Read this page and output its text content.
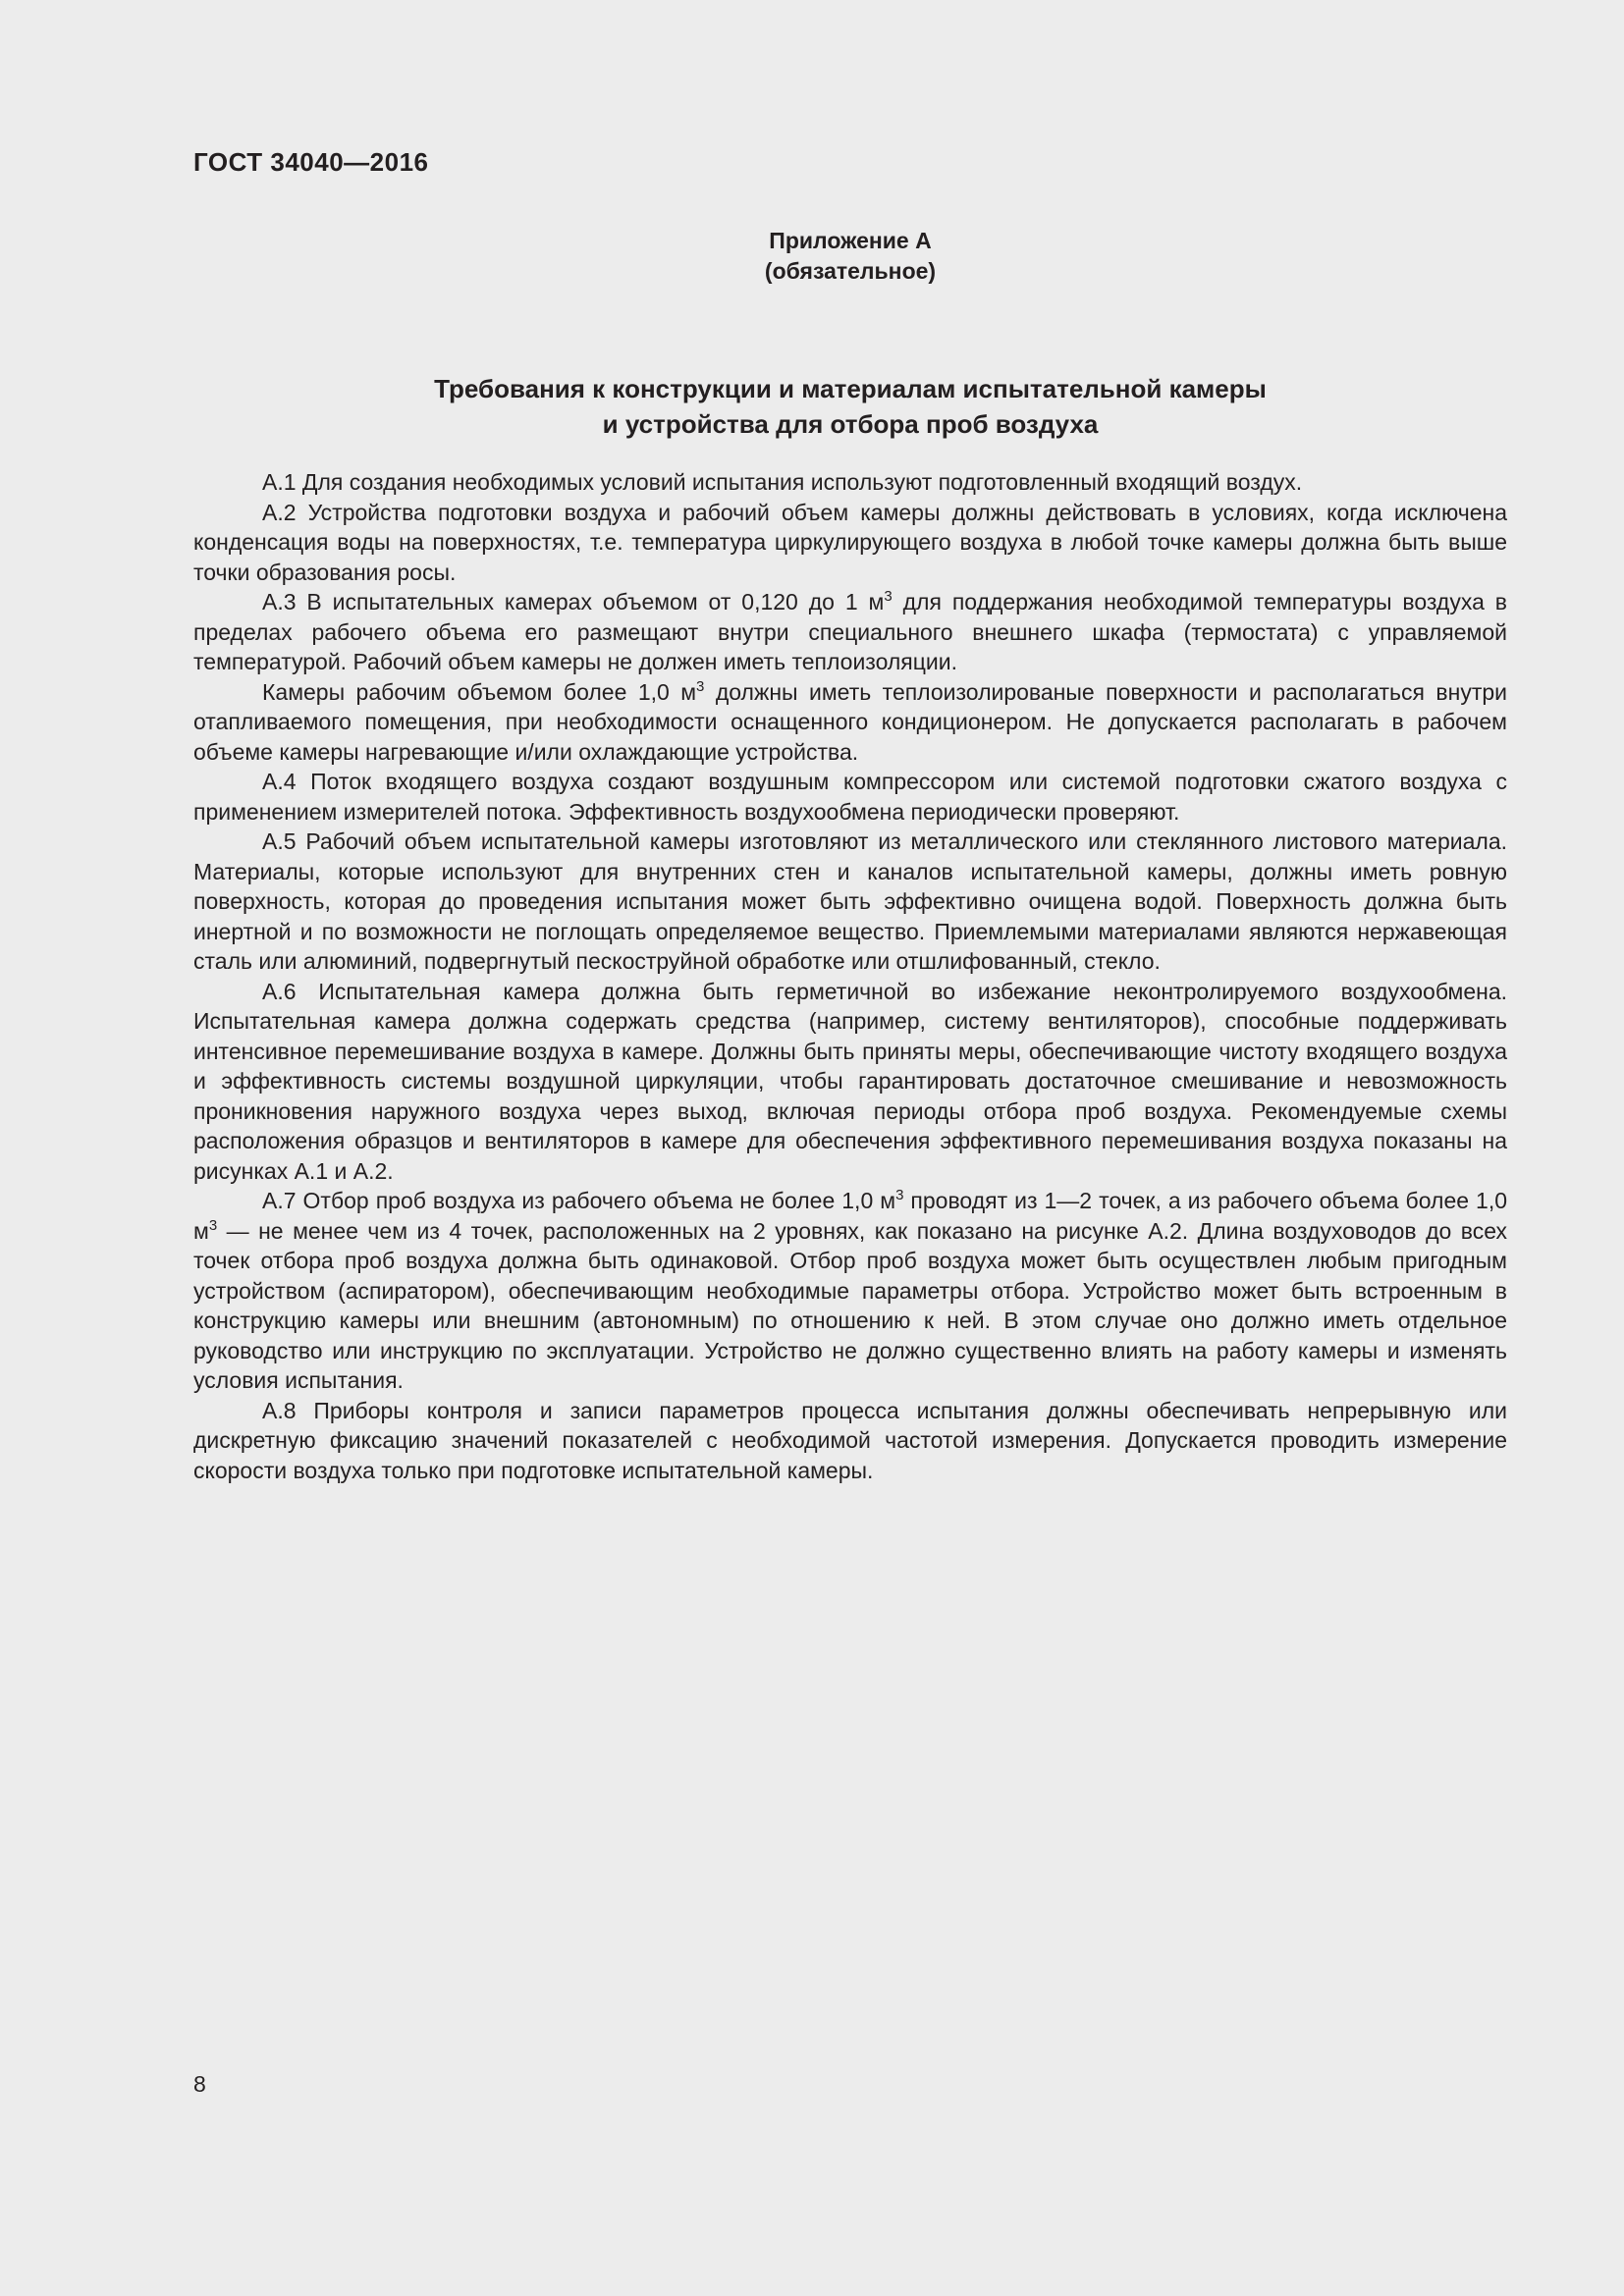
ГОСТ 34040—2016

Приложение А
(обязательное)
Требования к конструкции и материалам испытательной камеры
и устройства для отбора проб воздуха

А.1 Для создания необходимых условий испытания используют подготовленный входящий воздух.

А.2 Устройства подготовки воздуха и рабочий объем камеры должны действовать в условиях, когда исключена конденсация воды на поверхностях, т.е. температура циркулирующего воздуха в любой точке камеры должна быть выше точки образования росы.

А.3 В испытательных камерах объемом от 0,120 до 1 $м^3$ для поддержания необходимой температуры воздуха в пределах рабочего объема его размещают внутри специального внешнего шкафа (термостата) с управляемой температурой. Рабочий объем камеры не должен иметь теплоизоляции.

Камеры рабочим объемом более 1,0 $м^3$ должны иметь теплоизолированые поверхности и располагаться внутри отапливаемого помещения, при необходимости оснащенного кондиционером. Не допускается располагать в рабочем объеме камеры нагревающие и/или охлаждающие устройства.

А.4 Поток входящего воздуха создают воздушным компрессором или системой подготовки сжатого воздуха с применением измерителей потока. Эффективность воздухообмена периодически проверяют.

А.5 Рабочий объем испытательной камеры изготовляют из металлического или стеклянного листового материала. Материалы, которые используют для внутренних стен и каналов испытательной камеры, должны иметь ровную поверхность, которая до проведения испытания может быть эффективно очищена водой. Поверхность должна быть инертной и по возможности не поглощать определяемое вещество. Приемлемыми материалами являются нержавеющая сталь или алюминий, подвергнутый пескоструйной обработке или отшлифованный, стекло.

А.6 Испытательная камера должна быть герметичной во избежание неконтролируемого воздухообмена. Испытательная камера должна содержать средства (например, систему вентиляторов), способные поддерживать интенсивное перемешивание воздуха в камере. Должны быть приняты меры, обеспечивающие чистоту входящего воздуха и эффективность системы воздушной циркуляции, чтобы гарантировать достаточное смешивание и невозможность проникновения наружного воздуха через выход, включая периоды отбора проб воздуха. Рекомендуемые схемы расположения образцов и вентиляторов в камере для обеспечения эффективного перемешивания воздуха показаны на рисунках А.1 и А.2.

А.7 Отбор проб воздуха из рабочего объема не более 1,0 $м^3$ проводят из 1—2 точек, а из рабочего объема более 1,0 $м^3$ — не менее чем из 4 точек, расположенных на 2 уровнях, как показано на рисунке А.2. Длина воздуховодов до всех точек отбора проб воздуха должна быть одинаковой. Отбор проб воздуха может быть осуществлен любым пригодным устройством (аспиратором), обеспечивающим необходимые параметры отбора. Устройство может быть встроенным в конструкцию камеры или внешним (автономным) по отношению к ней. В этом случае оно должно иметь отдельное руководство или инструкцию по эксплуатации. Устройство не должно существенно влиять на работу камеры и изменять условия испытания.

А.8 Приборы контроля и записи параметров процесса испытания должны обеспечивать непрерывную или дискретную фиксацию значений показателей с необходимой частотой измерения. Допускается проводить измерение скорости воздуха только при подготовке испытательной камеры.

8
